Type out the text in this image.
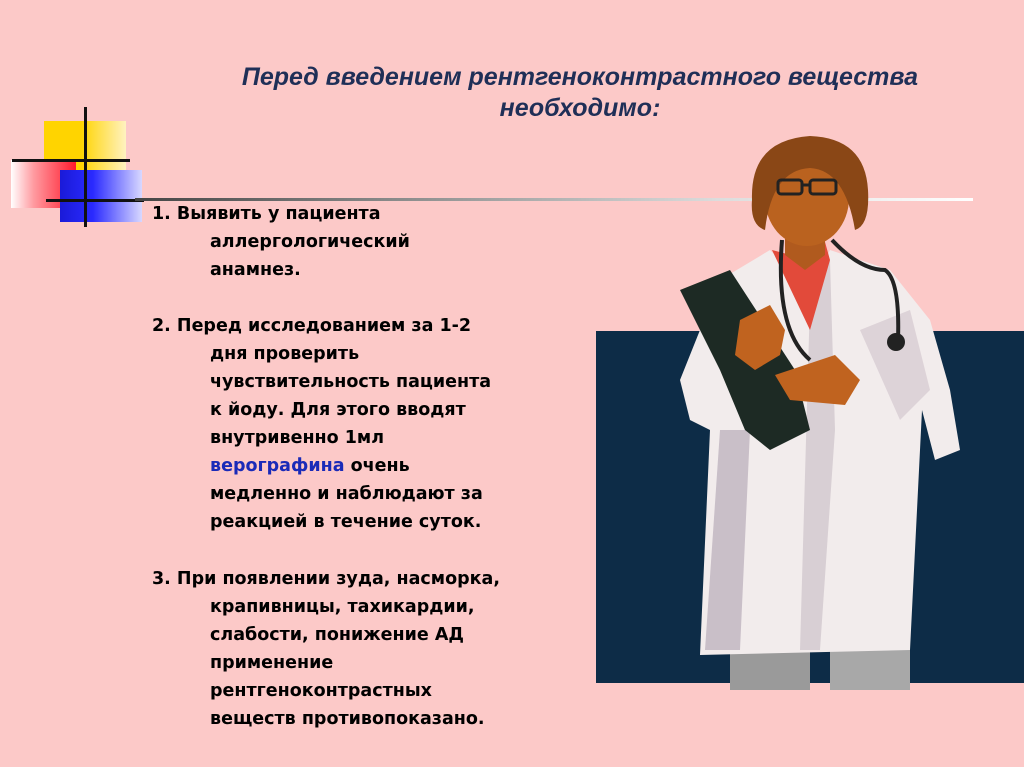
Перед введением рентгеноконтрастного вещества
необходимо:
1. Выявить у пациента
аллергологический
анамнез.
2. Перед исследованием за 1-2
дня проверить
чувствительность пациента
к йоду. Для этого вводят
внутривенно 1мл
верографина очень
медленно и наблюдают за
реакцией в течение суток.
3. При появлении зуда, насморка,
крапивницы, тахикардии,
слабости, понижение АД
применение
рентгеноконтрастных
веществ противопоказано.
